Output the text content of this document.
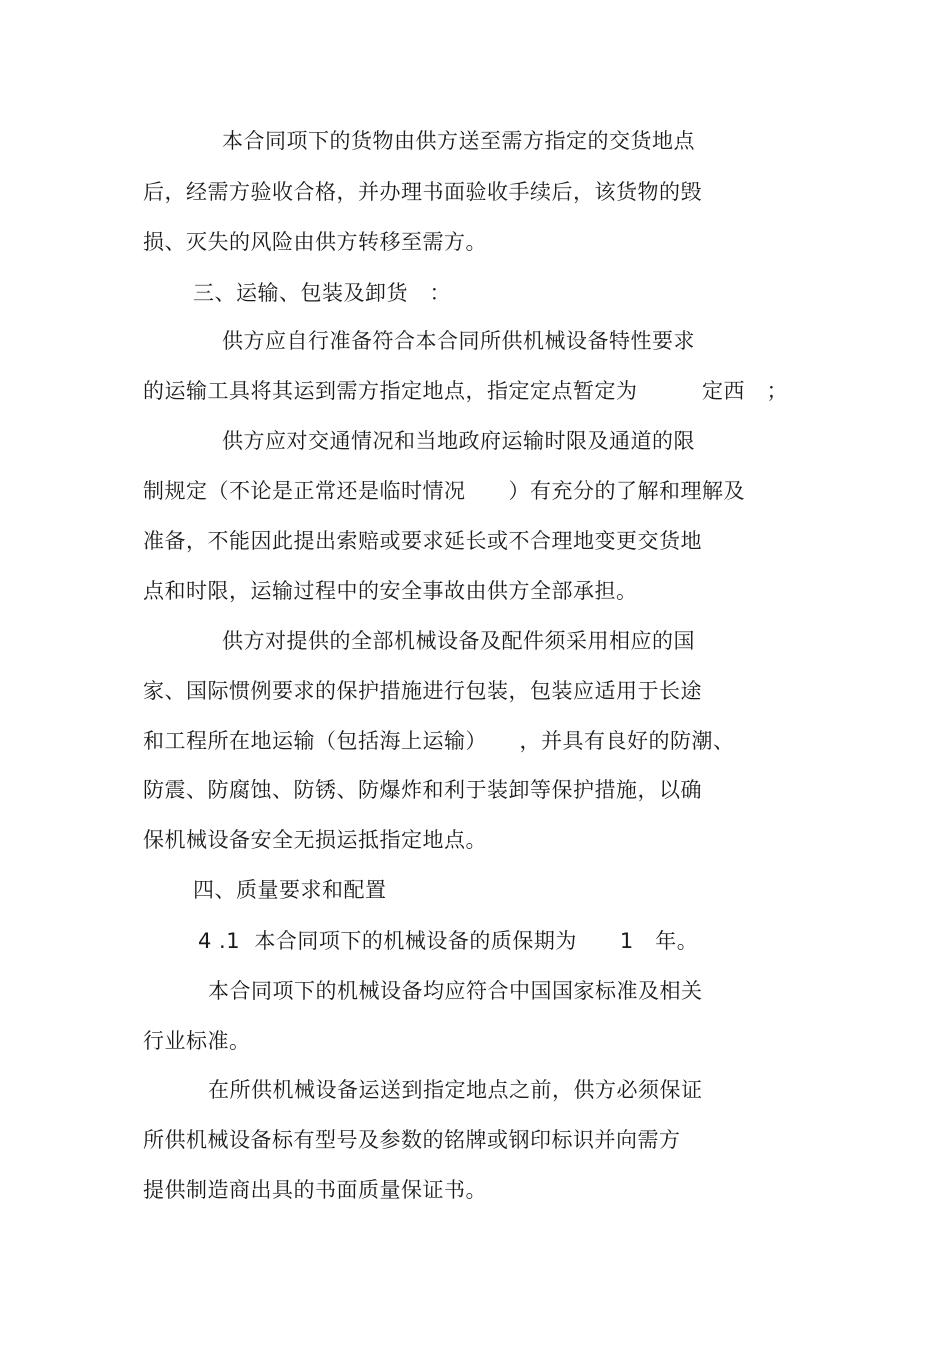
本合同项下的货物由供方送至需方指定的交货地点
后，经需方验收合格，并办理书面验收手续后，该货物的毁
损、灭失的风险由供方转移至需方。
三、运输、包装及卸货　：
供方应自行准备符合本合同所供机械设备特性要求
的运输工具将其运到需方指定地点，指定定点暂定为　　　定西　；
供方应对交通情况和当地政府运输时限及通道的限
制规定（不论是正常还是临时情况　　）有充分的了解和理解及
准备，不能因此提出索赔或要求延长或不合理地变更交货地
点和时限，运输过程中的安全事故由供方全部承担。
供方对提供的全部机械设备及配件须采用相应的国
家、国际惯例要求的保护措施进行包装，包装应适用于长途
和工程所在地运输（包括海上运输）　　，并具有良好的防潮、
防震、防腐蚀、防锈、防爆炸和利于装卸等保护措施，以确
保机械设备安全无损运抵指定地点。
四、质量要求和配置
4 .1  本合同项下的机械设备的质保期为　　1　年。
本合同项下的机械设备均应符合中国国家标准及相关
行业标准。
在所供机械设备运送到指定地点之前，供方必须保证
所供机械设备标有型号及参数的铭牌或钢印标识并向需方
提供制造商出具的书面质量保证书。
